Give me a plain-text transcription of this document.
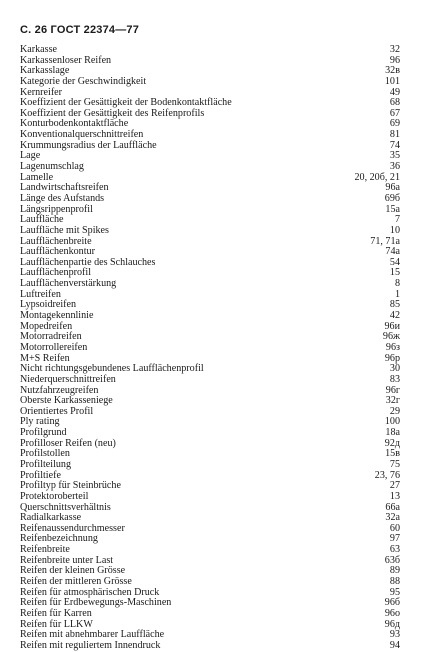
С. 26 ГОСТ 22374—77
Karkasse	32
Karkassenloser Reifen	96
Karkasslage	32в
Kategorie der Geschwindigkeit	101
Kernreifer	49
Koeffizient der Gesättigkeit der Bodenkontaktfläche	68
Koeffizient der Gesättigkeit des Reifenprofils	67
Konturbodenkontaktfläche	69
Konventionalquerschnittreifen	81
Krummungsradius der Lauffläche	74
Lage	35
Lagenumschlag	36
Lamelle	20, 20б, 21
Landwirtschaftsreifen	96а
Länge des Aufstands	69б
Längsrippenprofil	15а
Lauffläche	7
Lauffläche mit Spikes	10
Laufflächenbreite	71, 71а
Laufflächenkontur	74а
Laufflächenpartie des Schlauches	54
Laufflächenprofil	15
Laufflächenverstärkung	8
Luftreifen	1
Lypsoidreifen	85
Montagekennlinie	42
Mopedreifen	96и
Motorradreifen	96ж
Motorrollereifen	96з
M+S Reifen	96р
Nicht richtungsgebundenes Laufflächenprofil	30
Niederquerschnittreifen	83
Nutzfahrzeugreifen	96г
Oberste Karkasseniege	32г
Orientiertes Profil	29
Ply rating	100
Profilgrund	18а
Profilloser Reifen (neu)	92д
Profilstollen	15в
Profilteilung	75
Profiltiefe	23, 76
Profiltyp für Steinbrüche	27
Protektoroberteil	13
Querschnittsverhältnis	66а
Radialkarkasse	32а
Reifenaussendurchmesser	60
Reifenbezeichnung	97
Reifenbreite	63
Reifenbreite unter Last	63б
Reifen der kleinen Grösse	89
Reifen der mittleren Grösse	88
Reifen für atmosphärischen Druck	95
Reifen für Erdbewegungs-Maschinen	96б
Reifen für Karren	96о
Reifen für LLKW	96д
Reifen mit abnehmbarer Lauffläche	93
Reifen mit reguliertem Innendruck	94
